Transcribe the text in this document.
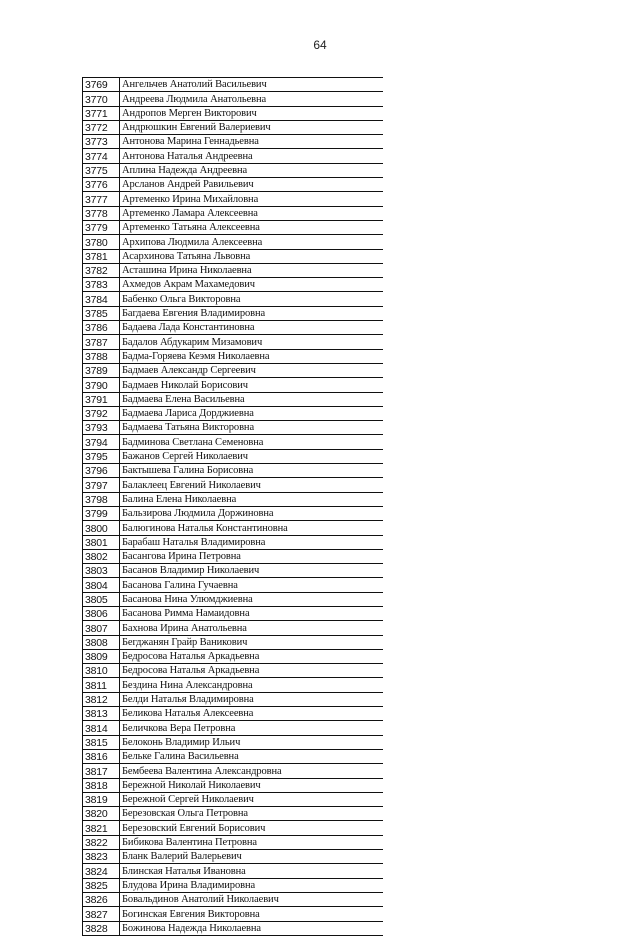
64
3769	Ангельчев Анатолий Васильевич
3770	Андреева Людмила Анатольевна
3771	Андропов Мерген Викторович
3772	Андрюшкин Евгений Валериевич
3773	Антонова Марина Геннадьевна
3774	Антонова Наталья Андреевна
3775	Аплина Надежда Андреевна
3776	Арсланов Андрей Равильевич
3777	Артеменко Ирина Михайловна
3778	Артеменко Ламара Алексеевна
3779	Артеменко Татьяна Алексеевна
3780	Архипова Людмила Алексеевна
3781	Асархинова Татьяна Львовна
3782	Асташина Ирина Николаевна
3783	Ахмедов Акрам Махамедович
3784	Бабенко Ольга Викторовна
3785	Багдаева Евгения Владимировна
3786	Бадаева Лада Константиновна
3787	Бадалов Абдукарим Мизамович
3788	Бадма-Горяева Кеэмя Николаевна
3789	Бадмаев Александр Сергеевич
3790	Бадмаев Николай Борисович
3791	Бадмаева Елена Васильевна
3792	Бадмаева Лариса Дорджиевна
3793	Бадмаева Татьяна Викторовна
3794	Бадминова Светлана Семеновна
3795	Бажанов Сергей Николаевич
3796	Бактышева Галина Борисовна
3797	Балаклеец Евгений Николаевич
3798	Балина Елена Николаевна
3799	Бальзирова Людмила Доржиновна
3800	Балюгинова Наталья Константиновна
3801	Барабаш Наталья Владимировна
3802	Басангова Ирина Петровна
3803	Басанов Владимир Николаевич
3804	Басанова Галина Гучаевна
3805	Басанова Нина Улюмджиевна
3806	Басанова Римма Намаидовна
3807	Бахнова Ирина Анатольевна
3808	Бегджанян Грайр Ваникович
3809	Бедросова Наталья Аркадьевна
3810	Бедросова Наталья Аркадьевна
3811	Бездина Нина Александровна
3812	Белди Наталья Владимировна
3813	Беликова Наталья Алексеевна
3814	Беличкова Вера Петровна
3815	Белоконь Владимир Ильич
3816	Бельке Галина Васильевна
3817	Бембеева Валентина Александровна
3818	Бережной Николай Николаевич
3819	Бережной Сергей Николаевич
3820	Березовская Ольга Петровна
3821	Березовский Евгений Борисович
3822	Бибикова Валентина Петровна
3823	Бланк Валерий Валерьевич
3824	Блинская Наталья Ивановна
3825	Блудова Ирина Владимировна
3826	Бовальдинов Анатолий Николаевич
3827	Богинская Евгения Викторовна
3828	Божинова Надежда Николаевна
